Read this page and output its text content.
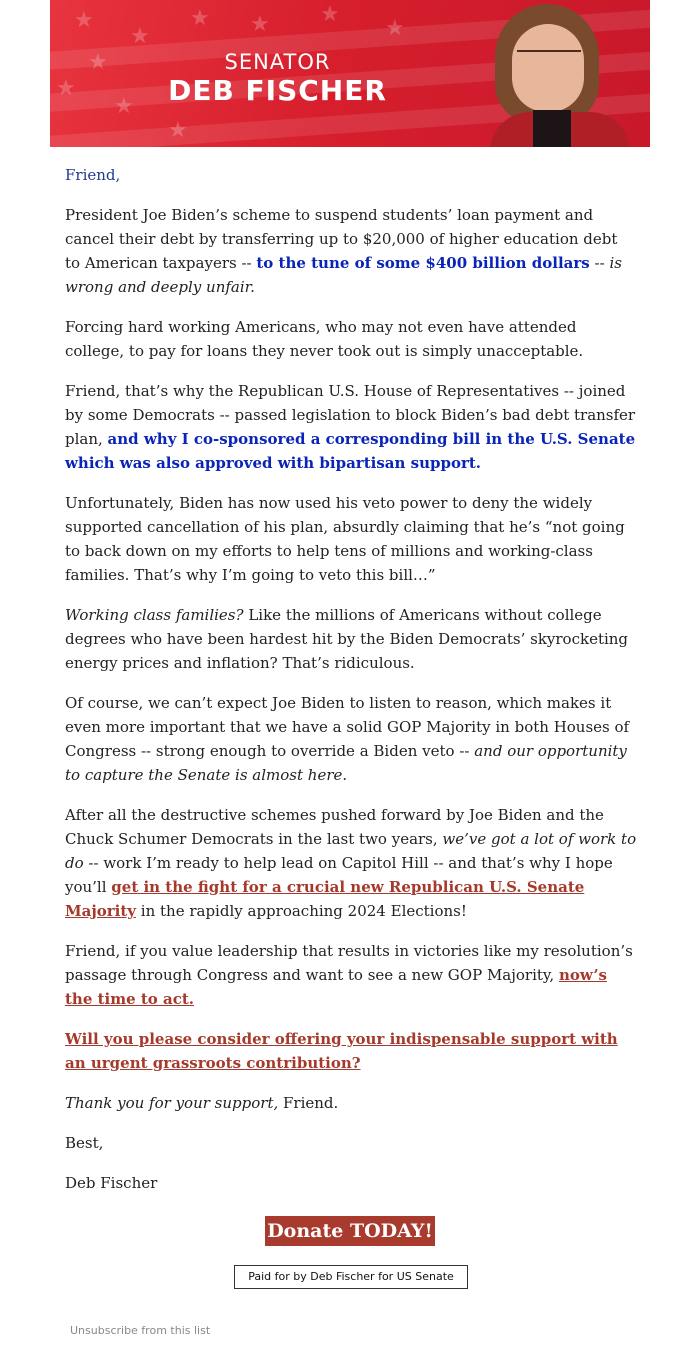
★
★
★
★
★
★ ★ ★
★
★
SENATOR
DEB FISCHER

Friend,

President Joe Biden’s scheme to suspend students’ loan payment and cancel their debt by transferring up to $20,000 of higher education debt to American taxpayers -- to the tune of some $400 billion dollars -- is wrong and deeply unfair.

Forcing hard working Americans, who may not even have attended college, to pay for loans they never took out is simply unacceptable.

Friend, that’s why the Republican U.S. House of Representatives -- joined by some Democrats -- passed legislation to block Biden’s bad debt transfer plan, and why I co-sponsored a corresponding bill in the U.S. Senate which was also approved with bipartisan support.

Unfortunately, Biden has now used his veto power to deny the widely supported cancellation of his plan, absurdly claiming that he’s “not going to back down on my efforts to help tens of millions and working-class families. That’s why I’m going to veto this bill…”

Working class families? Like the millions of Americans without college degrees who have been hardest hit by the Biden Democrats’ skyrocketing energy prices and inflation? That’s ridiculous.

Of course, we can’t expect Joe Biden to listen to reason, which makes it even more important that we have a solid GOP Majority in both Houses of Congress -- strong enough to override a Biden veto -- and our opportunity to capture the Senate is almost here.

After all the destructive schemes pushed forward by Joe Biden and the Chuck Schumer Democrats in the last two years, we’ve got a lot of work to do -- work I’m ready to help lead on Capitol Hill -- and that’s why I hope you’ll get in the fight for a crucial new Republican U.S. Senate Majority in the rapidly approaching 2024 Elections!

Friend, if you value leadership that results in victories like my resolution’s passage through Congress and want to see a new GOP Majority, now’s the time to act.

Will you please consider offering your indispensable support with an urgent grassroots contribution?

Thank you for your support, Friend.

Best,

Deb Fischer

Donate TODAY!
Paid for by Deb Fischer for US Senate
Unsubscribe from this list
